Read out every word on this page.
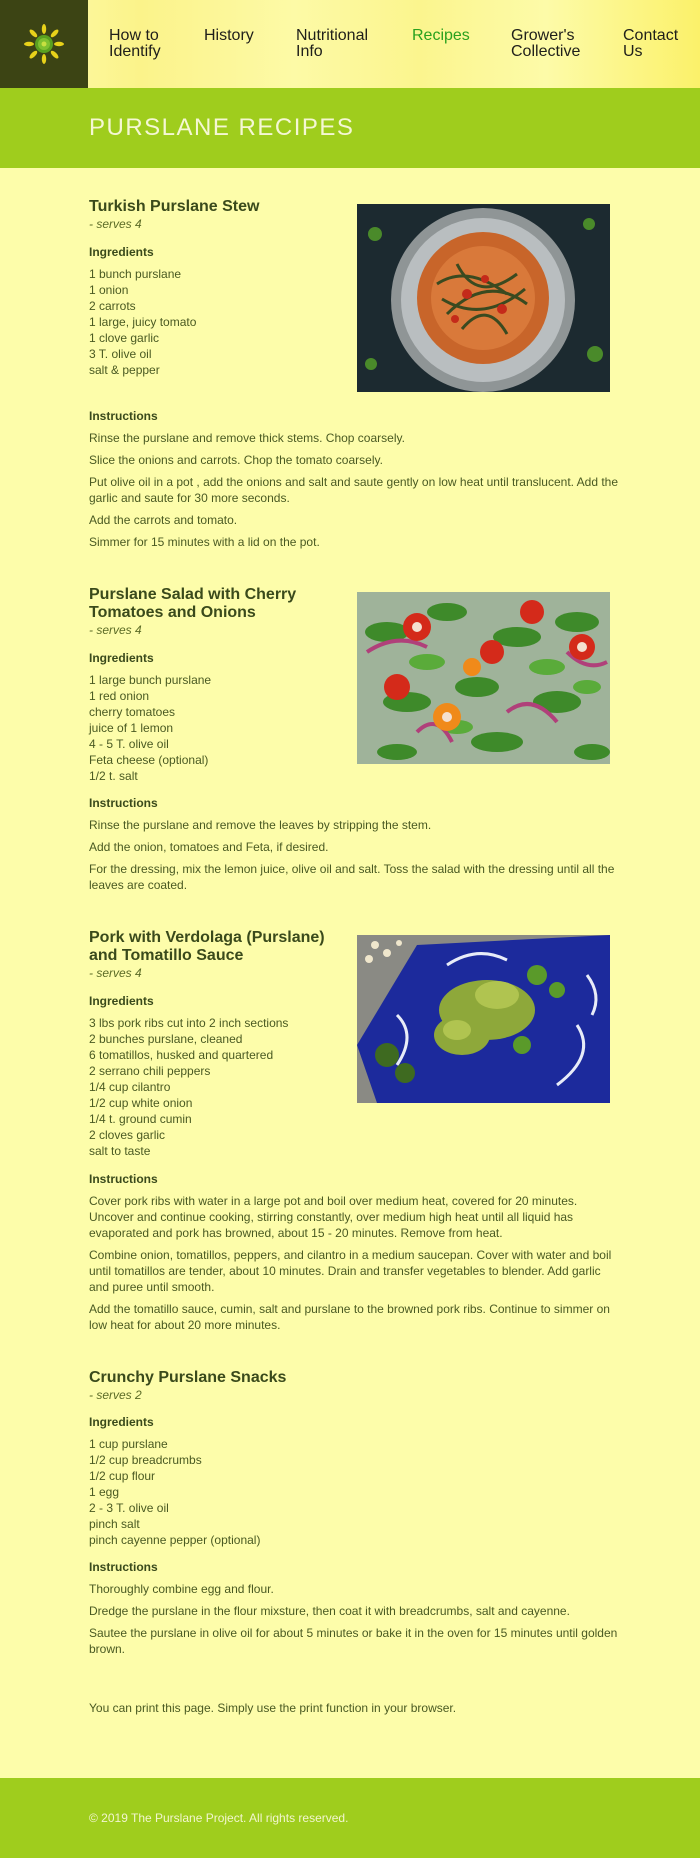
How to
Identify
History	Nutritional
Info
Recipes	Grower's
Collective
Contact
Us
PURSLANE RECIPES
Turkish Purslane Stew

- serves 4

Ingredients
1 bunch purslane
1 onion
2 carrots
1 large, juicy tomato
1 clove garlic
3 T. olive oil
salt & pepper
Instructions

Rinse the purslane and remove thick stems. Chop coarsely.

Slice the onions and carrots. Chop the tomato coarsely.

Put olive oil in a pot , add the onions and salt and saute gently on low heat until translucent. Add the garlic and saute for 30 more seconds.

Add the carrots and tomato.

Simmer for 15 minutes with a lid on the pot.

Purslane Salad with Cherry Tomatoes and Onions

- serves 4

Ingredients
1 large bunch purslane
1 red onion
cherry tomatoes
juice of 1 lemon
4 - 5 T. olive oil
Feta cheese (optional)
1/2 t. salt
Instructions

Rinse the purslane and remove the leaves by stripping the stem.

Add the onion, tomatoes and Feta, if desired.

For the dressing, mix the lemon juice, olive oil and salt. Toss the salad with the dressing until all the leaves are coated.

Pork with Verdolaga (Purslane) and Tomatillo Sauce

- serves 4

Ingredients
3 lbs pork ribs cut into 2 inch sections
2 bunches purslane, cleaned
6 tomatillos, husked and quartered
2 serrano chili peppers
1/4 cup cilantro
1/2 cup white onion
1/4 t. ground cumin
2 cloves garlic
salt to taste
Instructions

Cover pork ribs with water in a large pot and boil over medium heat, covered for 20 minutes. Uncover and continue cooking, stirring constantly, over medium high heat until all liquid has evaporated and pork has browned, about 15 - 20 minutes. Remove from heat.

Combine onion, tomatillos, peppers, and cilantro in a medium saucepan. Cover with water and boil until tomatillos are tender, about 10 minutes. Drain and transfer vegetables to blender. Add garlic and puree until smooth.

Add the tomatillo sauce, cumin, salt and purslane to the browned pork ribs. Continue to simmer on low heat for about 20 more minutes.

Crunchy Purslane Snacks

- serves 2

Ingredients
1 cup purslane
1/2 cup breadcrumbs
1/2 cup flour
1 egg
2 - 3 T. olive oil
pinch salt
pinch cayenne pepper (optional)
Instructions

Thoroughly combine egg and flour.

Dredge the purslane in the flour mixsture, then coat it with breadcrumbs, salt and cayenne.

Sautee the purslane in olive oil for about 5 minutes or bake it in the oven for 15 minutes until golden brown.

You can print this page. Simply use the print function in your browser.

© 2019 The Purslane Project. All rights reserved.
